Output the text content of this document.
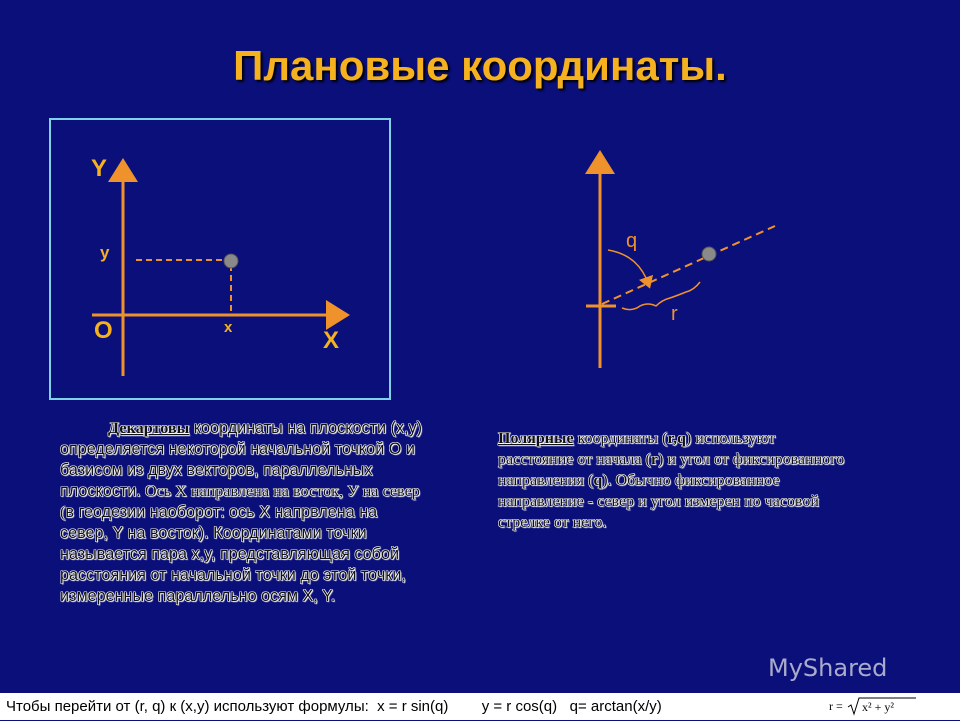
Плановые координаты.
Y
X
O
y
x
q
r
Декартовы координаты на плоскости (х,у) определяется некоторой начальной точкой О и базисом из двух векторов, параллельных плоскости. Ось Х направлена на восток, У на север (в геодезии наоборот: ось X напрвлена на север, Y на восток). Координатами точки называется пара x,y, представляющая собой расстояния от начальной точки до этой точки, измеренные параллельно осям X, Y.
Полярные координаты (r,q) используют расстояние от начала (r) и угол от фиксированного направления (q). Обычно фиксированное направление - север и угол измерен по часовой стрелке от него.
MyShared
Чтобы перейти от (r, q) к (x,y) используют формулы:  x = r sin(q)        y = r cos(q)   q= arctan(x/y)	r = x² + y²
